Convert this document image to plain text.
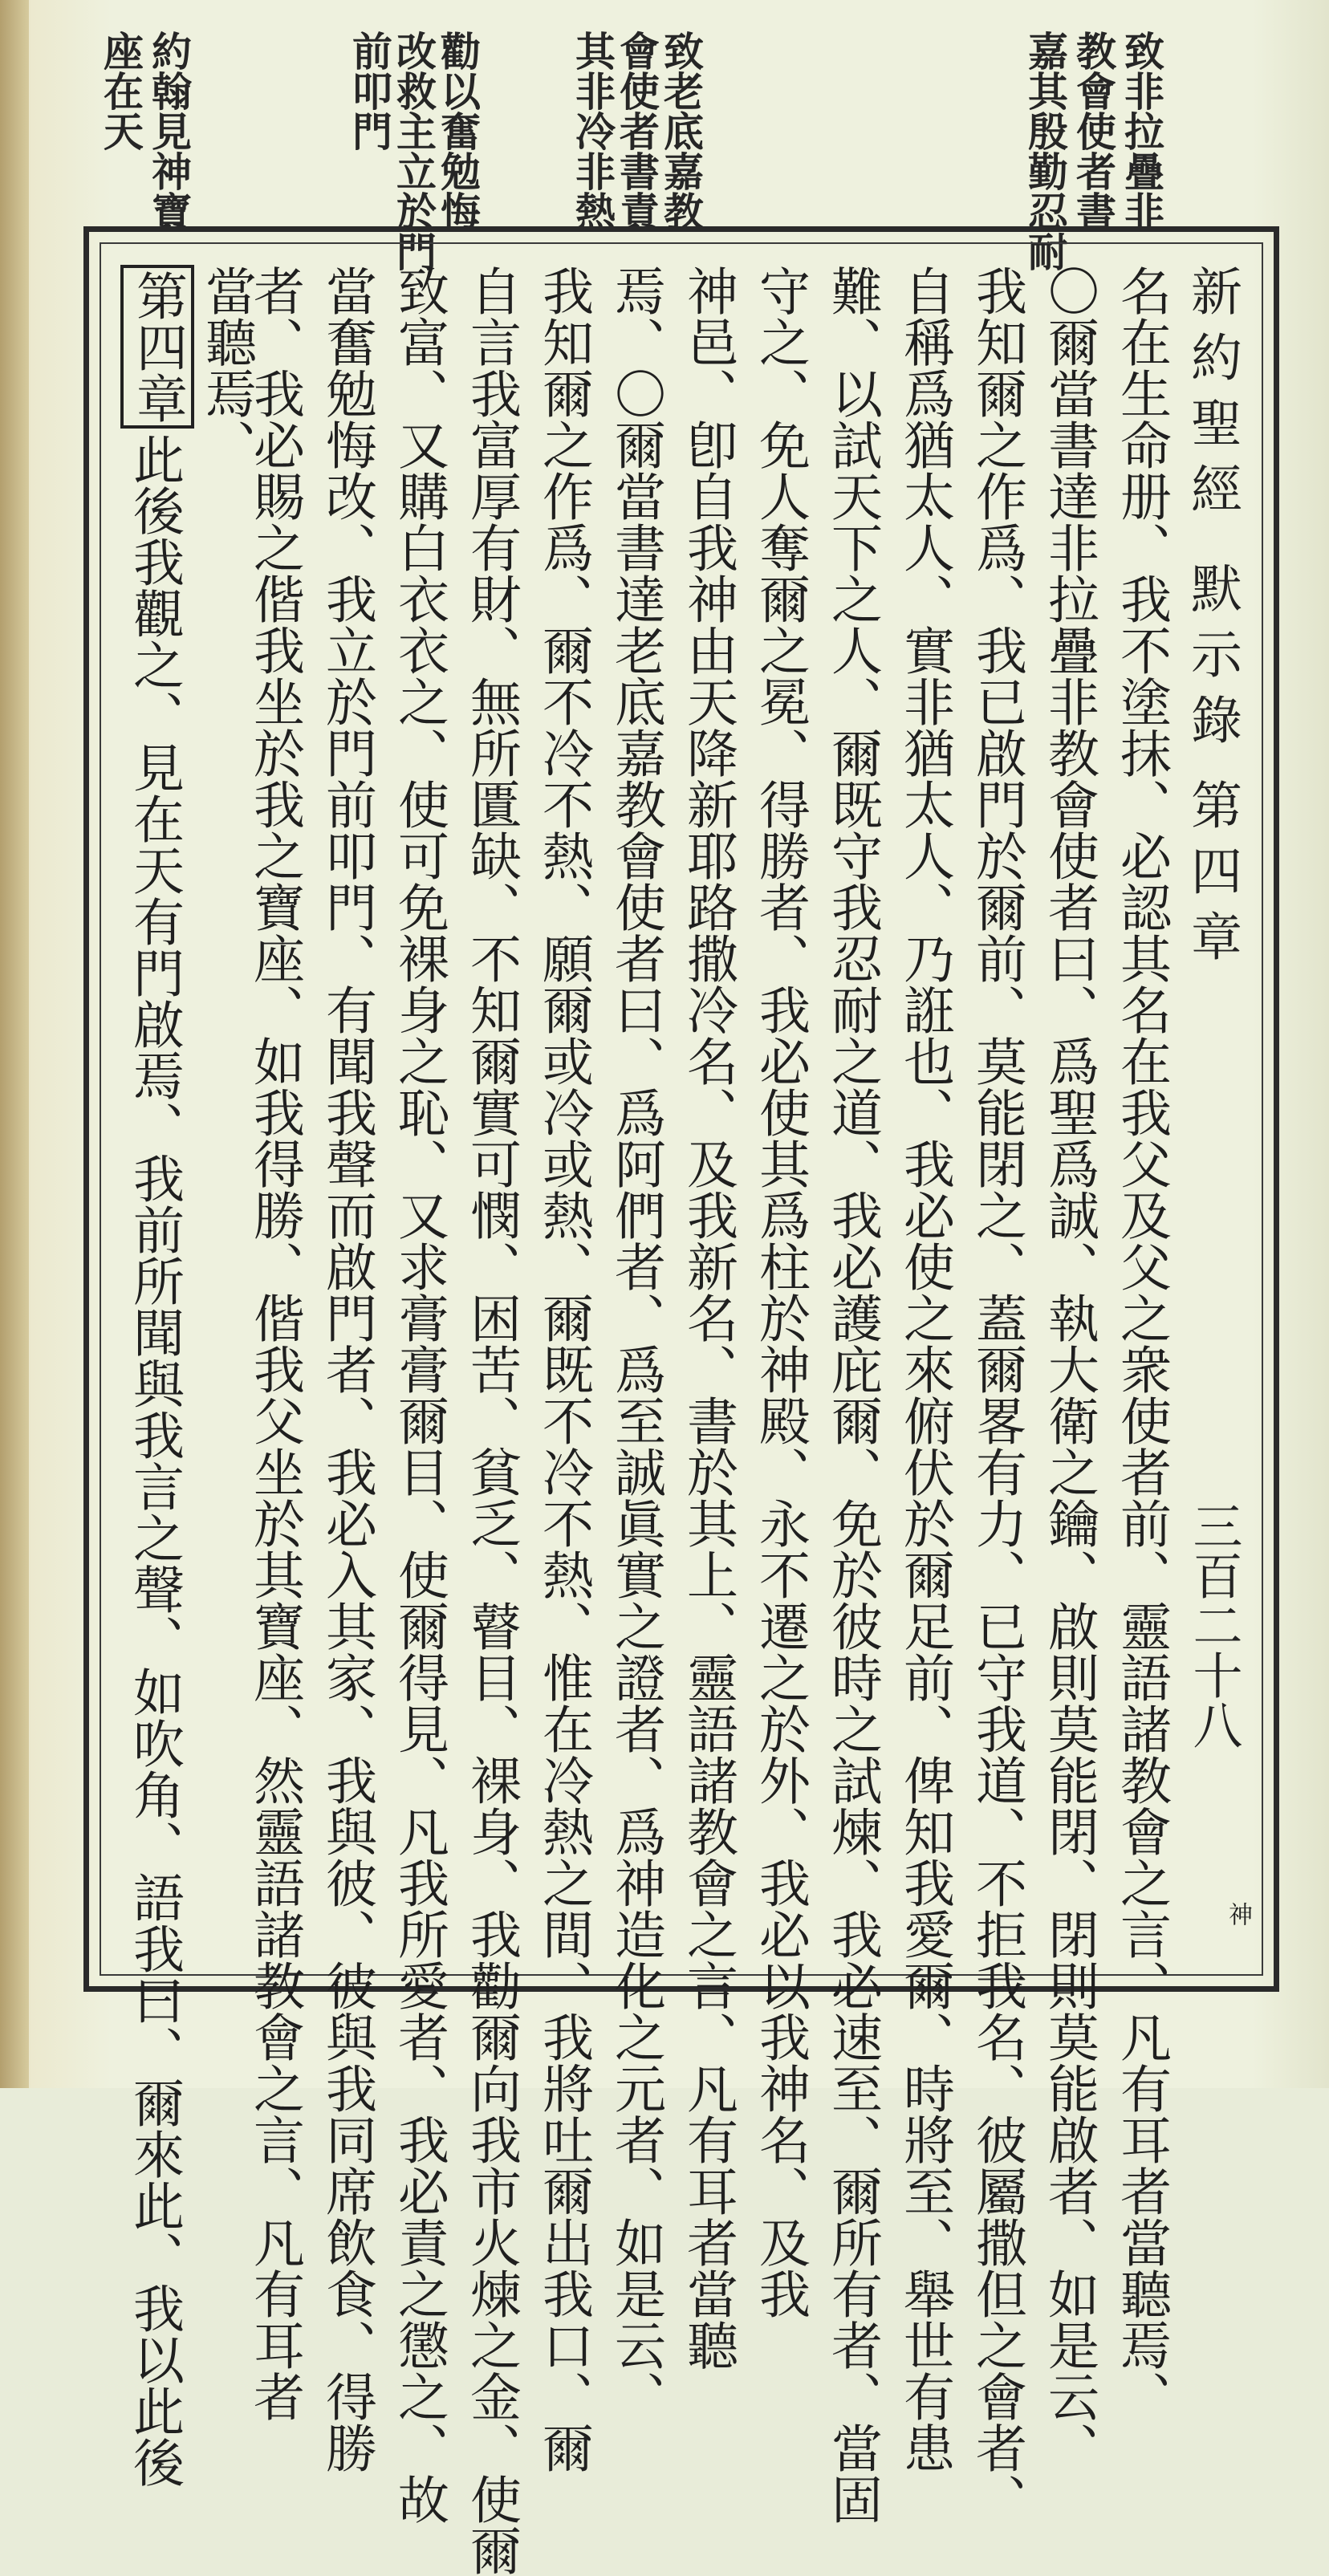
致非拉疊非
教會使者書
嘉其殷勤忍耐
致老底嘉教
會使者書責
其非冷非熱
勸以奮勉悔
改救主立於門
前叩門
約翰見神寶
座在天
新約聖經
默示錄
第四章
三百二十八
神
名在生命册、我不塗抹、必認其名在我父及父之衆使者前、靈語諸教會之言、凡有耳者當聽焉、
〇爾當書達非拉疊非教會使者曰、爲聖爲誠、執大衛之鑰、啟則莫能閉、閉則莫能啟者、如是云、
我知爾之作爲、我已啟門於爾前、莫能閉之、蓋爾畧有力、已守我道、不拒我名、彼屬撒但之會者、
自稱爲猶太人、實非猶太人、乃誑也、我必使之來俯伏於爾足前、俾知我愛爾、時將至、舉世有患
難、以試天下之人、爾既守我忍耐之道、我必護庇爾、免於彼時之試煉、我必速至、爾所有者、當固
守之、免人奪爾之冕、得勝者、我必使其爲柱於神殿、永不遷之於外、我必以我神名、及我
神邑、卽自我神由天降新耶路撒冷名、及我新名、書於其上、靈語諸教會之言、凡有耳者當聽
焉、〇爾當書達老底嘉教會使者曰、爲阿們者、爲至誠眞實之證者、爲神造化之元者、如是云、
我知爾之作爲、爾不冷不熱、願爾或冷或熱、爾既不冷不熱、惟在冷熱之間、我將吐爾出我口、爾
自言我富厚有財、無所匱缺、不知爾實可憫、困苦、貧乏、瞽目、裸身、我勸爾向我市火煉之金、使爾
致富、又購白衣衣之、使可免裸身之恥、又求膏膏爾目、使爾得見、凡我所愛者、我必責之懲之、故
當奮勉悔改、我立於門前叩門、有聞我聲而啟門者、我必入其家、我與彼、彼與我同席飲食、得勝
者、我必賜之偕我坐於我之寶座、如我得勝、偕我父坐於其寶座、然靈語諸教會之言、凡有耳者
當聽焉、
第四章
此後我觀之、見在天有門啟焉、我前所聞與我言之聲、如吹角、語我曰、爾來此、我以此後
